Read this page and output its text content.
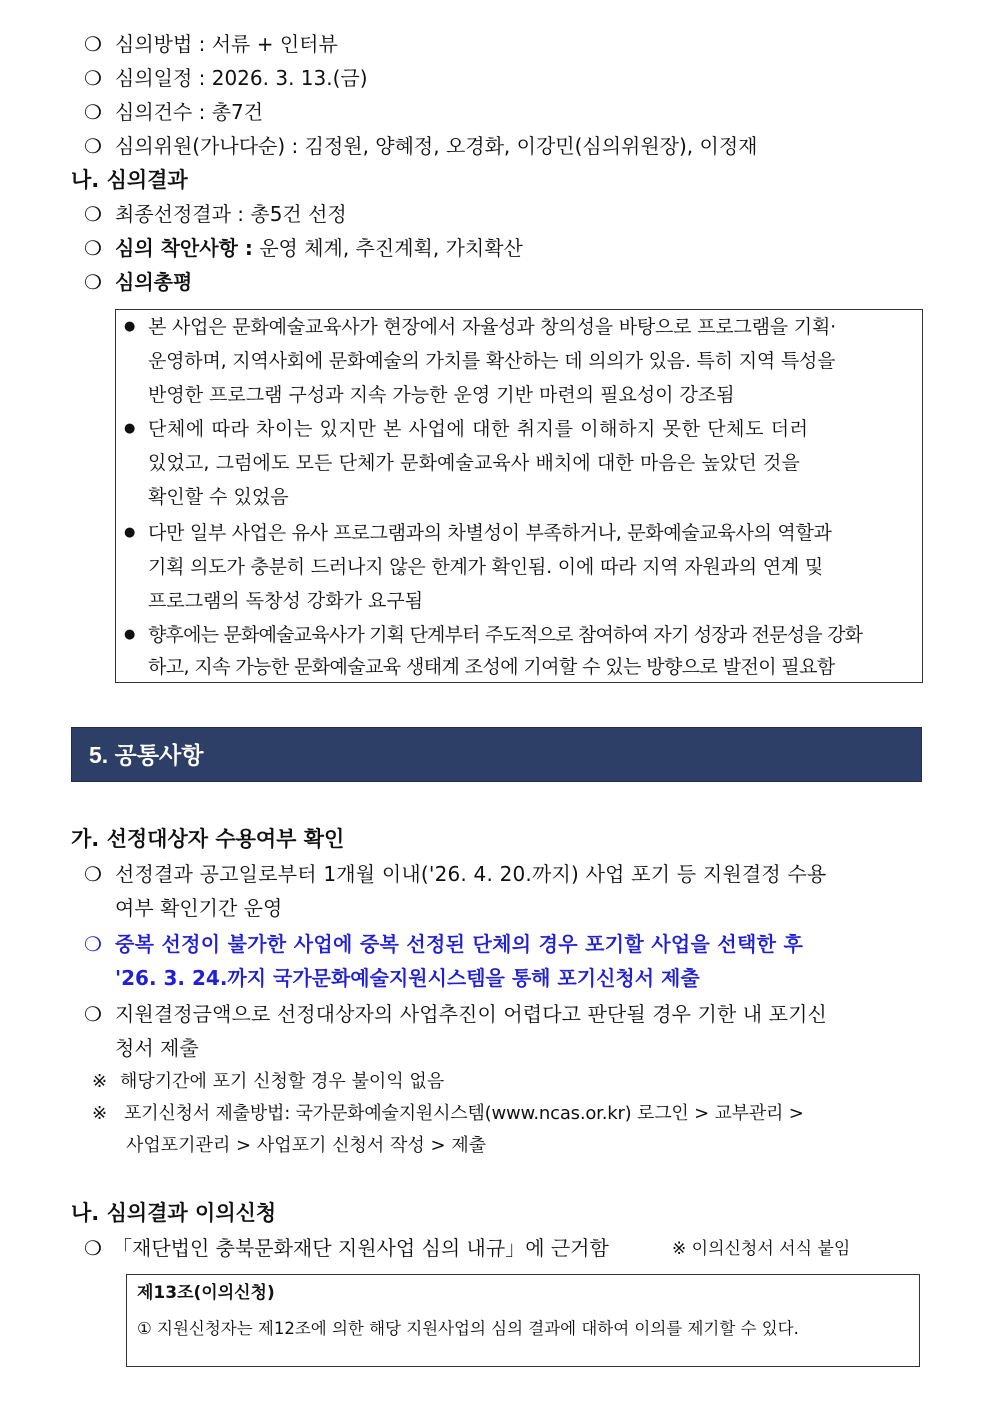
❍ 심의방법 : 서류 + 인터뷰
❍ 심의일정 : 2026. 3. 13.(금)
❍ 심의건수 : 총7건
❍ 심의위원(가나다순) : 김정원, 양혜정, 오경화, 이강민(심의위원장), 이정재
나. 심의결과
❍ 최종선정결과 : 총5건 선정
❍ 심의 착안사항 : 운영 체계, 추진계획, 가치확산
❍ 심의총평
● 본 사업은 문화예술교육사가 현장에서 자율성과 창의성을 바탕으로 프로그램을 기획·
운영하며, 지역사회에 문화예술의 가치를 확산하는 데 의의가 있음. 특히 지역 특성을
반영한 프로그램 구성과 지속 가능한 운영 기반 마련의 필요성이 강조됨
● 단체에 따라 차이는 있지만 본 사업에 대한 취지를 이해하지 못한 단체도 더러
있었고, 그럼에도 모든 단체가 문화예술교육사 배치에 대한 마음은 높았던 것을
확인할 수 있었음
● 다만 일부 사업은 유사 프로그램과의 차별성이 부족하거나, 문화예술교육사의 역할과
기획 의도가 충분히 드러나지 않은 한계가 확인됨. 이에 따라 지역 자원과의 연계 및
프로그램의 독창성 강화가 요구됨
● 향후에는 문화예술교육사가 기획 단계부터 주도적으로 참여하여 자기 성장과 전문성을 강화
하고, 지속 가능한 문화예술교육 생태계 조성에 기여할 수 있는 방향으로 발전이 필요함
5. 공통사항
가. 선정대상자 수용여부 확인
❍ 선정결과 공고일로부터 1개월 이내('26. 4. 20.까지) 사업 포기 등 지원결정 수용
여부 확인기간 운영
❍ 중복 선정이 불가한 사업에 중복 선정된 단체의 경우 포기할 사업을 선택한 후
'26. 3. 24.까지 국가문화예술지원시스템을 통해 포기신청서 제출
❍ 지원결정금액으로 선정대상자의 사업추진이 어렵다고 판단될 경우 기한 내 포기신
청서 제출
※ 해당기간에 포기 신청할 경우 불이익 없음
※ 포기신청서 제출방법: 국가문화예술지원시스템(www.ncas.or.kr) 로그인 > 교부관리 >
사업포기관리 > 사업포기 신청서 작성 > 제출
나. 심의결과 이의신청
❍ 「재단법인 충북문화재단 지원사업 심의 내규」에 근거함	※ 이의신청서 서식 붙임
제13조(이의신청)
① 지원신청자는 제12조에 의한 해당 지원사업의 심의 결과에 대하여 이의를 제기할 수 있다.
